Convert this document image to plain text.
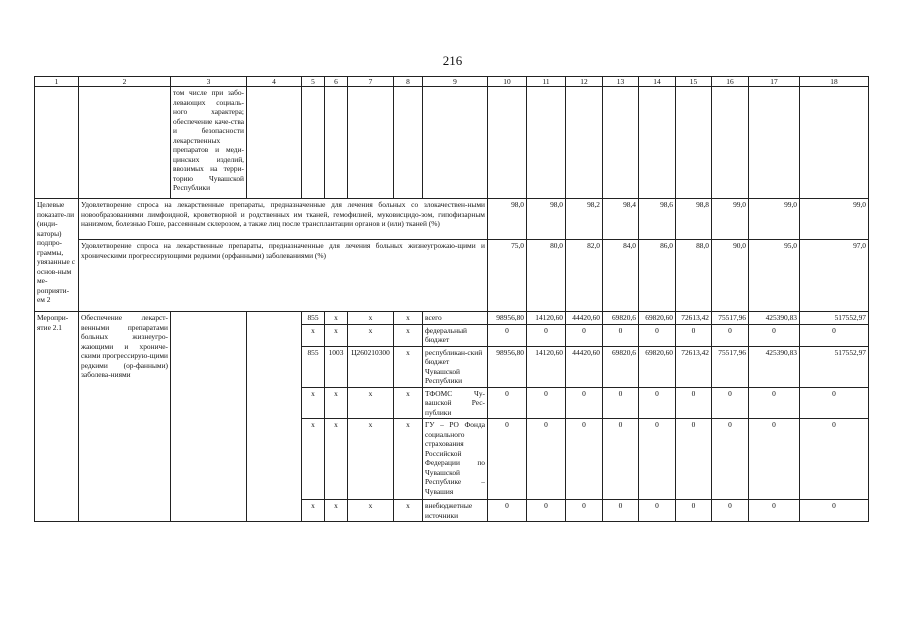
216
1	2	3	4	5	6	7	8	9	10	11	12	13	14	15	16	17	18
		том числе при забо-левающих социаль-ного характера; обеспечение каче-ства и безопасности лекарственных препаратов и меди-цинских изделий, ввозимых на терри-торию Чувашской Республики															
Целевые показате-ли (инди-каторы) подпро-граммы, увязанные с основ-ным ме-роприяти-ем 2	Удовлетворение спроса на лекарственные препараты, предназначенные для лечения больных со злокачествен-ными новообразованиями лимфоидной, кроветворной и родственных им тканей, гемофилией, муковисцидо-зом, гипофизарным нанизмом, болезнью Гоше, рассеянным склерозом, а также лиц после трансплантации органов и (или) тканей (%)								98,0	98,0	98,2	98,4	98,6	98,8	99,0	99,0	99,0
	Удовлетворение спроса на лекарственные препараты, предназначенные для лечения больных жизнеугрожаю-щими и хроническими прогрессирующими редкими (орфанными) заболеваниями (%)								75,0	80,0	82,0	84,0	86,0	88,0	90,0	95,0	97,0
Меропри-ятие 2.1	Обеспечение лекарст-венными препаратами больных жизнеугро-жающими и хрониче-скими прогрессирую-щими редкими (ор-фанными) заболева-ниями			855	x	x	x	всего	98956,80	14120,60	44420,60	69820,6	69820,60	72613,42	75517,96	425390,83	517552,97
				x	x	x	x	федеральный бюджет	0	0	0	0	0	0	0	0	0
				855	1003	Ц260210300	x	республикан-ский бюджет Чувашской Республики	98956,80	14120,60	44420,60	69820,6	69820,60	72613,42	75517,96	425390,83	517552,97
				x	x	x	x	ТФОМС Чу-вашской Рес-публики	0	0	0	0	0	0	0	0	0
				x	x	x	x	ГУ – РО Фонда социального страхования Российской Федерации по Чувашской Республике – Чувашия	0	0	0	0	0	0	0	0	0
				x	x	x	x	внебюджетные источники	0	0	0	0	0	0	0	0	0
